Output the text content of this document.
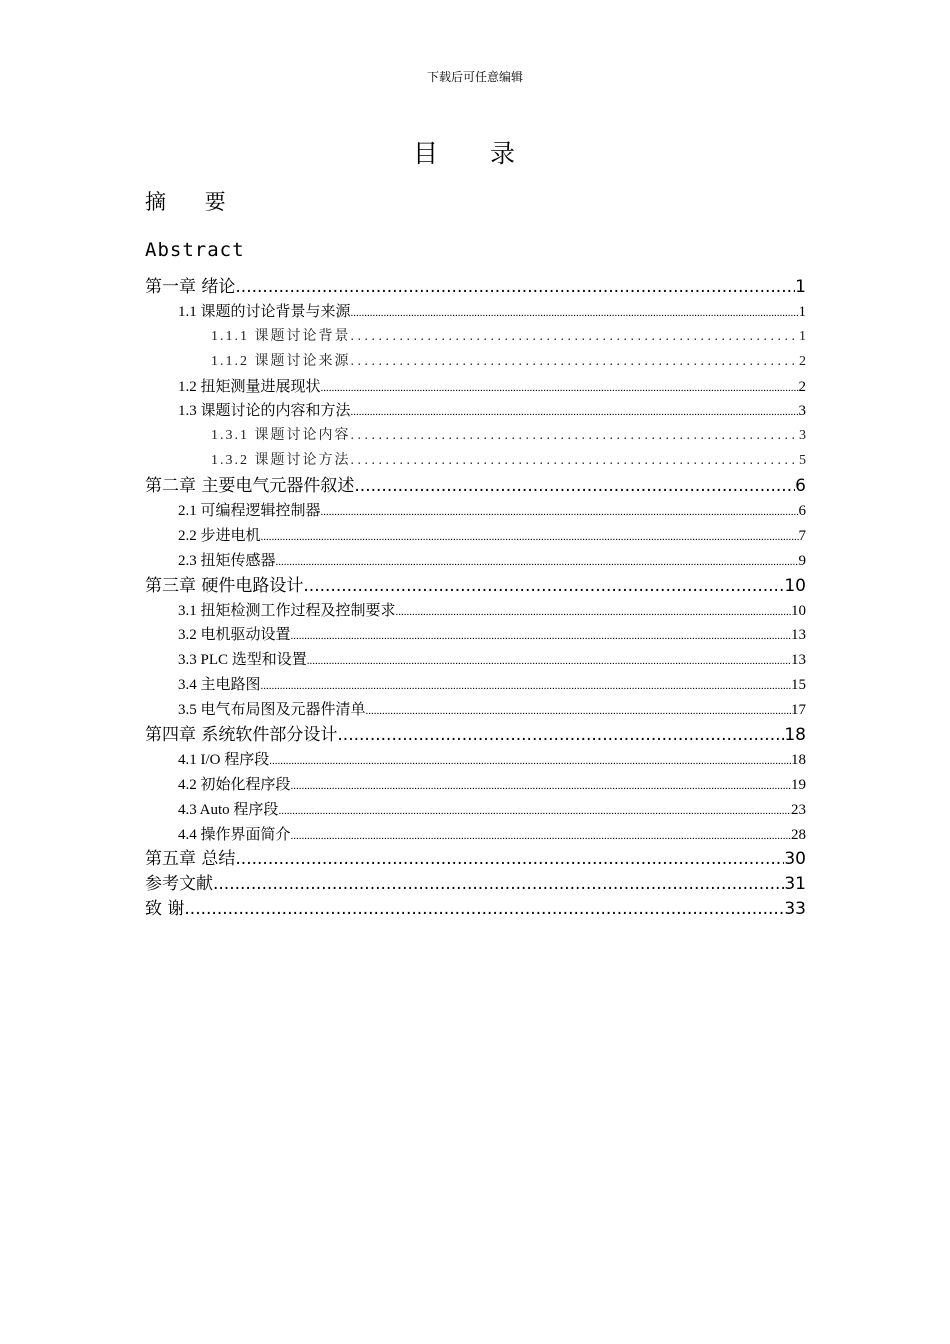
下载后可任意编辑
目 录
摘 要
Abstract
第一章 绪论 .....	1
1.1 课题的讨论背景与来源 .....	1
1.1.1 课题讨论背景 .....	1
1.1.2 课题讨论来源 .....	2
1.2 扭矩测量进展现状 .....	2
1.3 课题讨论的内容和方法 .....	3
1.3.1 课题讨论内容 .....	3
1.3.2 课题讨论方法 .....	5
第二章 主要电气元器件叙述 .....	6
2.1 可编程逻辑控制器 .....	6
2.2 步进电机 .....	7
2.3 扭矩传感器 .....	9
第三章 硬件电路设计 .....	10
3.1 扭矩检测工作过程及控制要求 .....	10
3.2 电机驱动设置 .....	13
3.3 PLC 选型和设置 .....	13
3.4 主电路图 .....	15
3.5 电气布局图及元器件清单 .....	17
第四章 系统软件部分设计 .....	18
4.1 I/O 程序段 .....	18
4.2 初始化程序段 .....	19
4.3 Auto 程序段 .....	23
4.4 操作界面简介 .....	28
第五章 总结 .....	30
参考文献 .....	31
致 谢 .....	33
